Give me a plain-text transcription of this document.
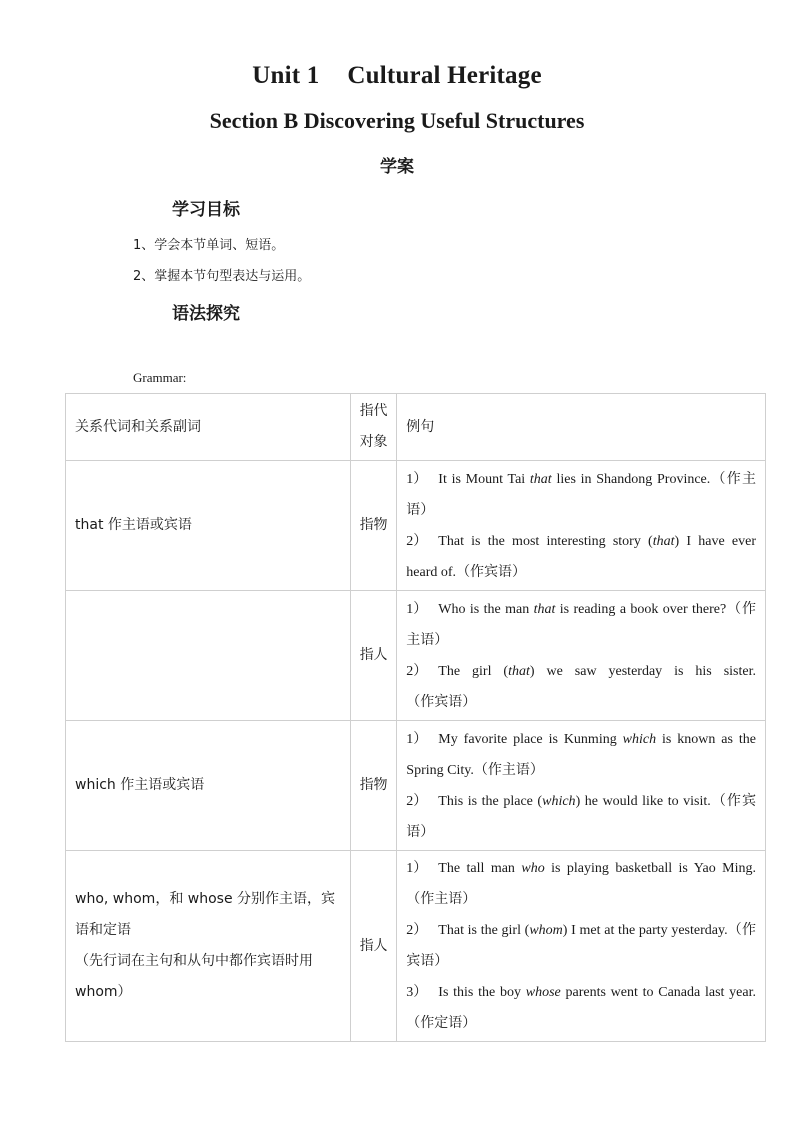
Unit 1 Cultural Heritage
Section B Discovering Useful Structures
学案
学习目标
1、学会本节单词、短语。
2、掌握本节句型表达与运用。
语法探究
Grammar:
关系代词和关系副词	指代对象	例句
that 作主语或宾语	指物	1） It is Mount Tai that lies in Shandong Province.（作主语）
2） That is the most interesting story (that) I have ever heard of.（作宾语）

	指人	1） Who is the man that is reading a book over there?（作主语）
2） The girl (that) we saw yesterday is his sister.（作宾语）

which 作主语或宾语	指物	1） My favorite place is Kunming which is known as the Spring City.（作主语）
2） This is the place (which) he would like to visit.（作宾语）

who, whom，和 whose 分别作主语，宾语和定语
（先行词在主句和从句中都作宾语时用 whom）	指人	1） The tall man who is playing basketball is Yao Ming.（作主语）
2） That is the girl (whom) I met at the party yesterday.（作宾语）
3） Is this the boy whose parents went to Canada last year.（作定语）
